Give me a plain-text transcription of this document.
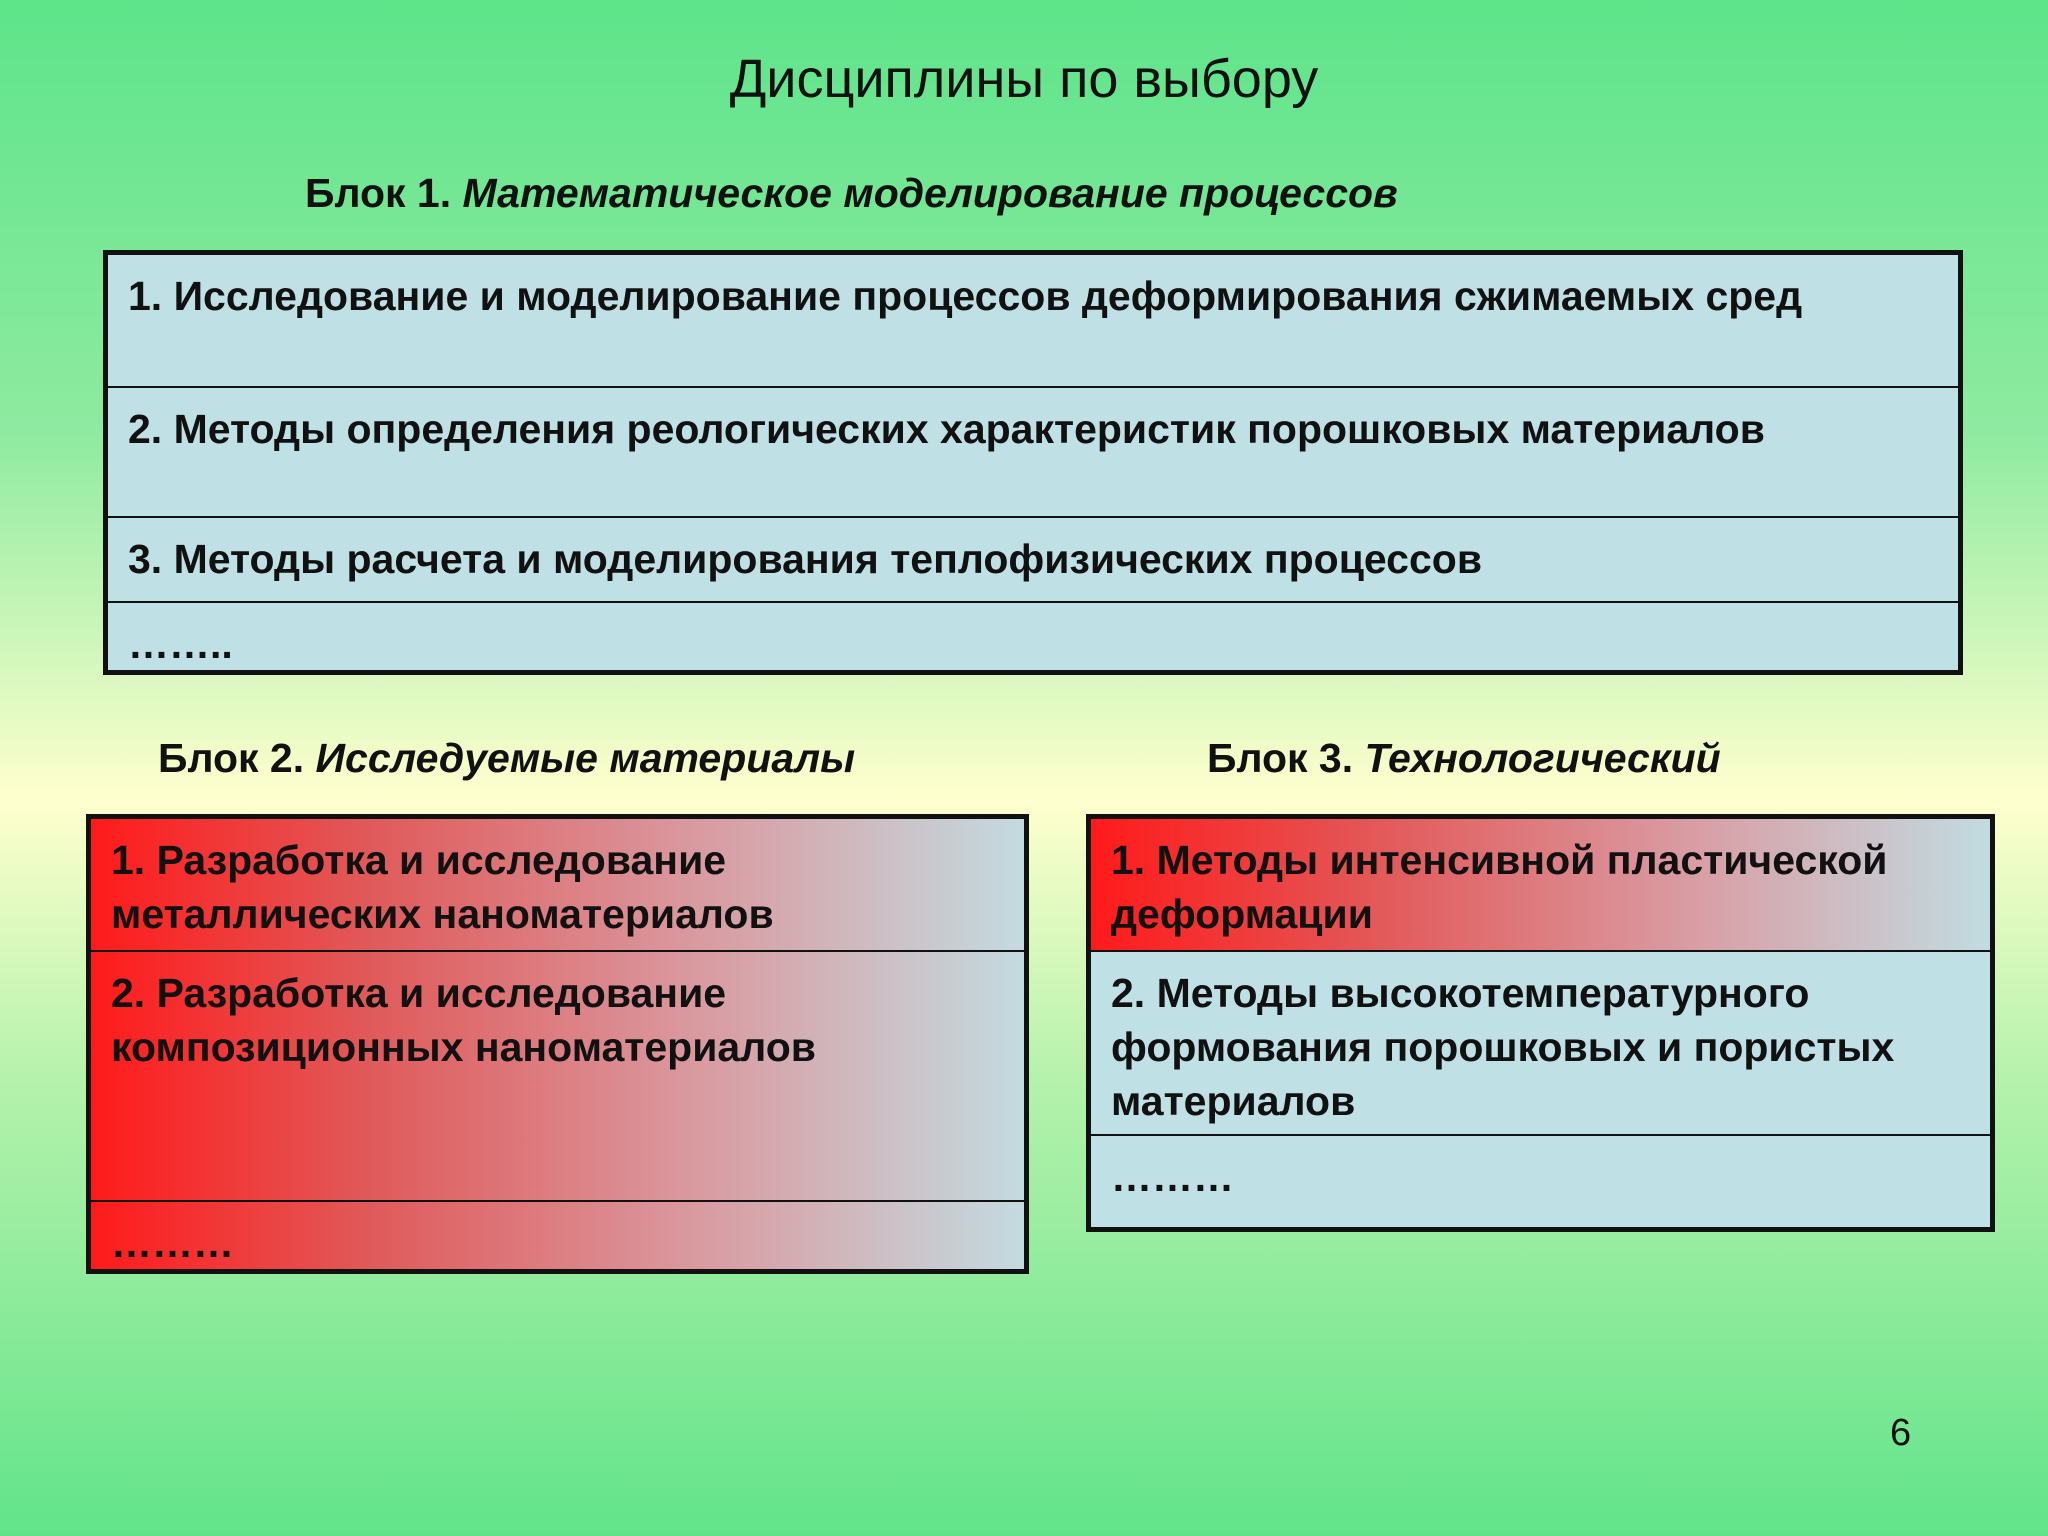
Дисциплины по выбору
Блок 1. Математическое моделирование процессов
1. Исследование и моделирование процессов деформирования сжимаемых сред
2. Методы определения реологических характеристик порошковых материалов
3. Методы расчета и моделирования теплофизических процессов
……..
Блок 2. Исследуемые материалы
1. Разработка и исследование металлических наноматериалов
2. Разработка и исследование композиционных наноматериалов
………
Блок 3. Технологический
1. Методы интенсивной пластической деформации
2. Методы высокотемпературного формования порошковых и пористых материалов
………
6
